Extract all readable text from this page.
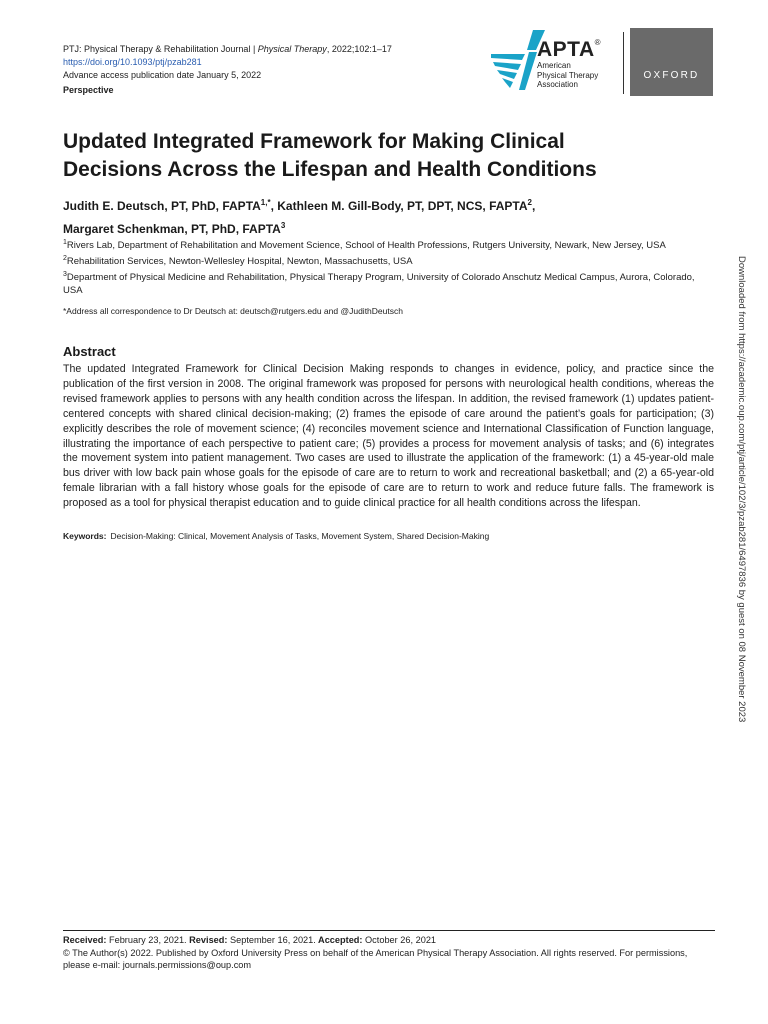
PTJ: Physical Therapy & Rehabilitation Journal | Physical Therapy, 2022;102:1–17
https://doi.org/10.1093/ptj/pzab281
Advance access publication date January 5, 2022
Perspective
APTA®
American
Physical Therapy
Association
OXFORD
Updated Integrated Framework for Making Clinical Decisions Across the Lifespan and Health Conditions
Judith E. Deutsch, PT, PhD, $FAPTA^{1,*}$, Kathleen M. Gill-Body, PT, DPT, NCS, FAPTA$^2$,
Margaret Schenkman, PT, PhD, FAPTA$^3$
$^1$Rivers Lab, Department of Rehabilitation and Movement Science, School of Health Professions, Rutgers University, Newark, New Jersey, USA
$^2$Rehabilitation Services, Newton-Wellesley Hospital, Newton, Massachusetts, USA
$^3$Department of Physical Medicine and Rehabilitation, Physical Therapy Program, University of Colorado Anschutz Medical Campus, Aurora, Colorado, USA
*Address all correspondence to Dr Deutsch at: deutsch@rutgers.edu and @JudithDeutsch
Abstract

The updated Integrated Framework for Clinical Decision Making responds to changes in evidence, policy, and practice since the publication of the first version in 2008. The original framework was proposed for persons with neurological health conditions, whereas the revised framework applies to persons with any health condition across the lifespan. In addition, the revised framework (1) updates patient-centered concepts with shared clinical decision-making; (2) frames the episode of care around the patient’s goals for participation; (3) explicitly describes the role of movement science; (4) reconciles movement science and International Classification of Function language, illustrating the importance of each perspective to patient care; (5) provides a process for movement analysis of tasks; and (6) integrates the movement system into patient management. Two cases are used to illustrate the application of the framework: (1) a 45-year-old male bus driver with low back pain whose goals for the episode of care are to return to work and recreational basketball; and (2) a 65-year-old female librarian with a fall history whose goals for the episode of care are to return to work and reduce future falls. The framework is proposed as a tool for physical therapist education and to guide clinical practice for all health conditions across the lifespan.

Keywords: Decision-Making: Clinical, Movement Analysis of Tasks, Movement System, Shared Decision-Making	Downloaded from https://academic.oup.com/ptj/article/102/3/pzab281/6497836 by guest on 08 November 2023
Received: February 23, 2021. Revised: September 16, 2021. Accepted: October 26, 2021
© The Author(s) 2022. Published by Oxford University Press on behalf of the American Physical Therapy Association. All rights reserved. For permissions, please e-mail: journals.permissions@oup.com
